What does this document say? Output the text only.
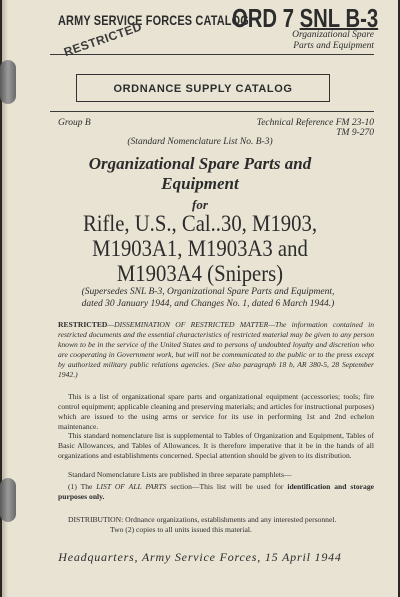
ARMY SERVICE FORCES CATALOG
ORD 7 SNL B-3
Organizational Spare
Parts and Equipment
RESTRICTED
ORDNANCE SUPPLY CATALOG
Group B	Technical Reference FM 23-10
TM 9-270
(Standard Nomenclature List No. B-3)
Organizational Spare Parts and
Equipment
for
Rifle, U.S., Cal..30, M1903,
M1903A1, M1903A3 and
M1903A4 (Snipers)
(Supersedes SNL B-3, Organizational Spare Parts and Equipment,
dated 30 January 1944, and Changes No. 1, dated 6 March 1944.)
RESTRICTED—DISSEMINATION OF RESTRICTED MATTER—The information contained in restricted documents and the essential characteristics of restricted material may be given to any person known to be in the service of the United States and to persons of undoubted loyalty and discretion who are cooperating in Government work, but will not be communicated to the public or to the press except by authorized military public relations agencies. (See also paragraph 18 b, AR 380-5, 28 September 1942.)
This is a list of organizational spare parts and organizational equipment (accessories; tools; fire control equipment; applicable cleaning and preserving materials; and articles for instructional purposes) which are issued to the using arms or service for its use in performing 1st and 2nd echelon maintenance.
This standard nomenclature list is supplemental to Tables of Organization and Equipment, Tables of Basic Allowances, and Tables of Allowances. It is therefore imperative that it be in the hands of all organizations and establishments concerned. Special attention should be given to its distribution.
Standard Nomenclature Lists are published in three separate pamphlets—
(1) The LIST OF ALL PARTS section—This list will be used for identification and storage purposes only.
DISTRIBUTION: Ordnance organizations, establishments and any interested personnel.
Two (2) copies to all units issued this material.
Headquarters, Army Service Forces, 15 April 1944
